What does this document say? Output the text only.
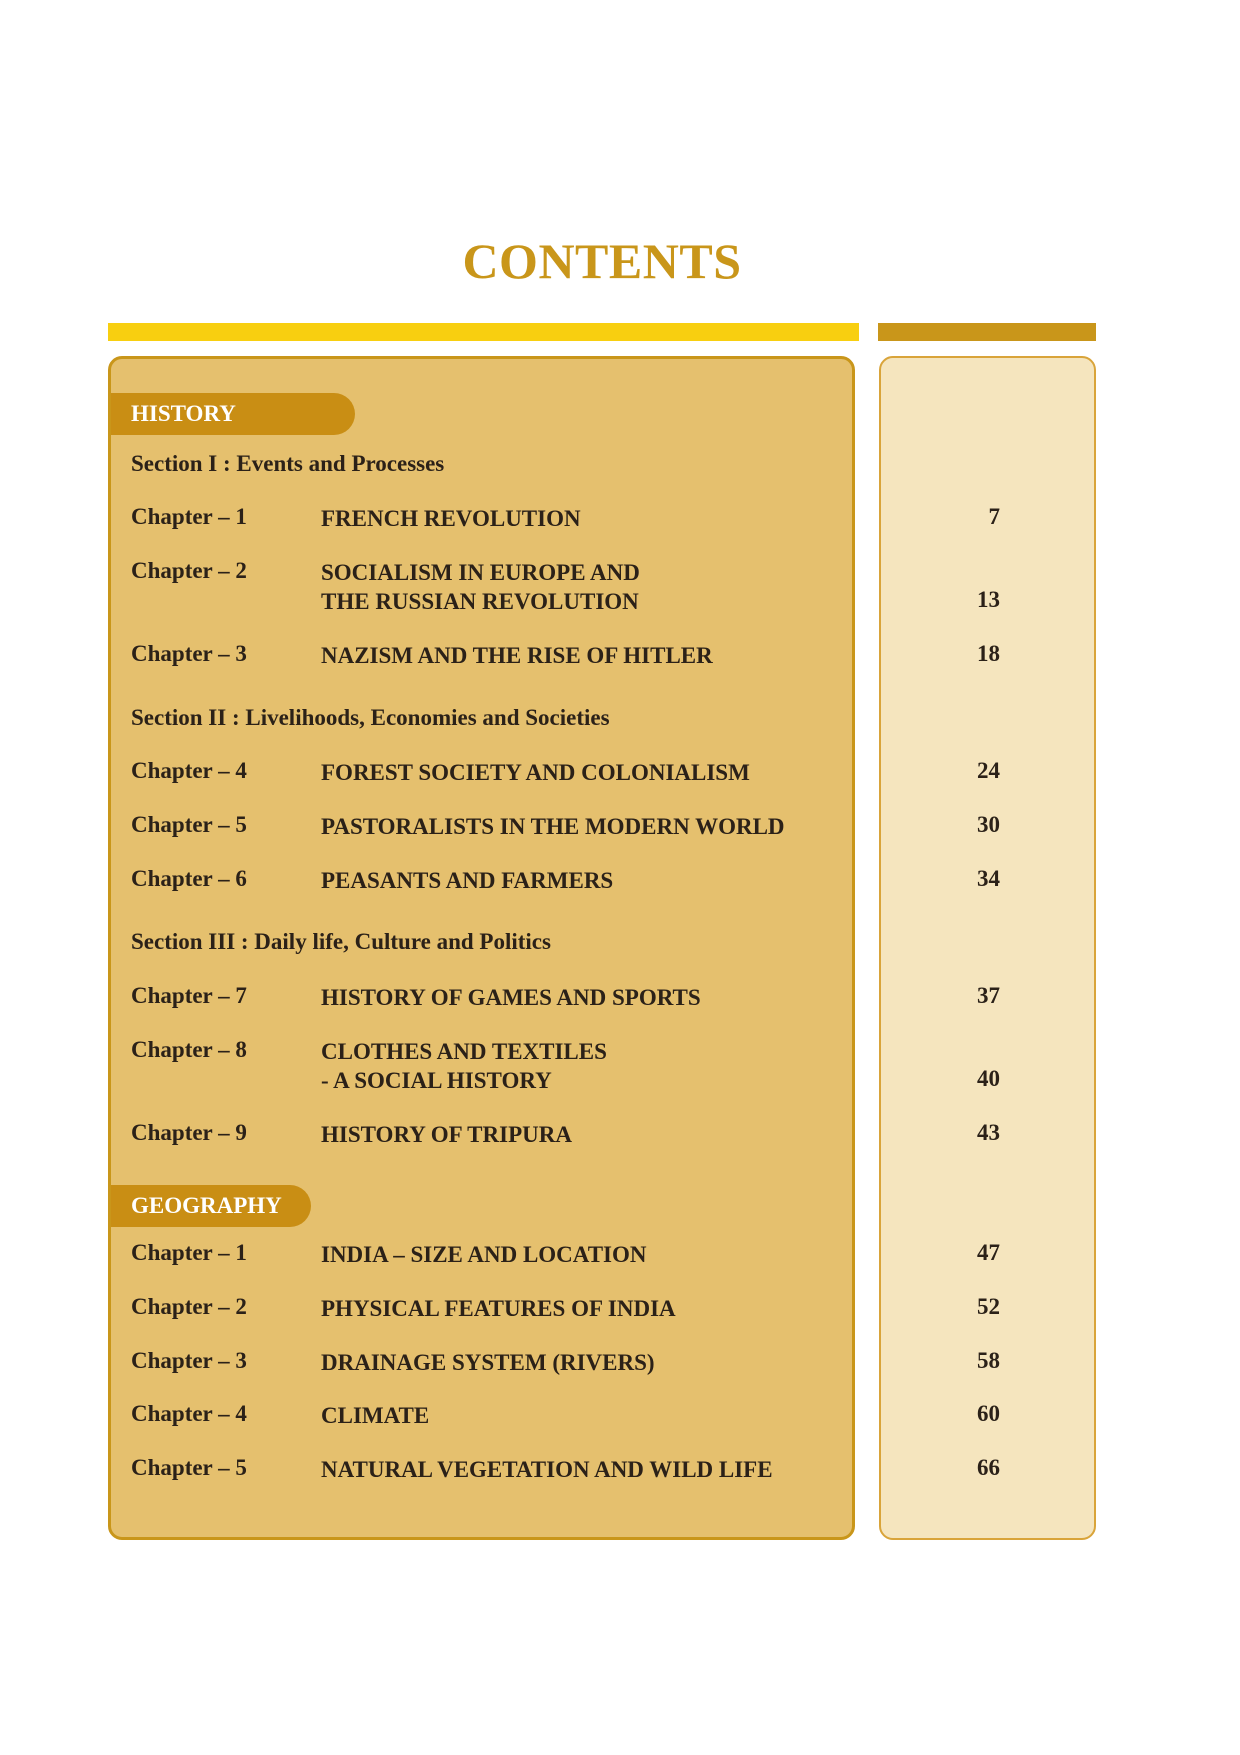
CONTENTS
HISTORY
GEOGRAPHY
Section I : Events and Processes
Section II : Livelihoods, Economies and Societies
Section III : Daily life, Culture and Politics
Chapter – 1	FRENCH REVOLUTION	7
Chapter – 2	SOCIALISM IN EUROPE AND
THE RUSSIAN REVOLUTION	13
Chapter – 3	NAZISM AND THE RISE OF HITLER	18
Chapter – 4	FOREST SOCIETY AND COLONIALISM	24
Chapter – 5	PASTORALISTS IN THE MODERN WORLD	30
Chapter – 6	PEASANTS AND FARMERS	34
Chapter – 7	HISTORY OF GAMES AND SPORTS	37
Chapter – 8	CLOTHES AND TEXTILES
- A SOCIAL HISTORY	40
Chapter – 9	HISTORY OF TRIPURA	43
Chapter – 1	INDIA – SIZE AND LOCATION	47
Chapter – 2	PHYSICAL FEATURES OF INDIA	52
Chapter – 3	DRAINAGE SYSTEM (RIVERS)	58
Chapter – 4	CLIMATE	60
Chapter – 5	NATURAL VEGETATION AND WILD LIFE	66
